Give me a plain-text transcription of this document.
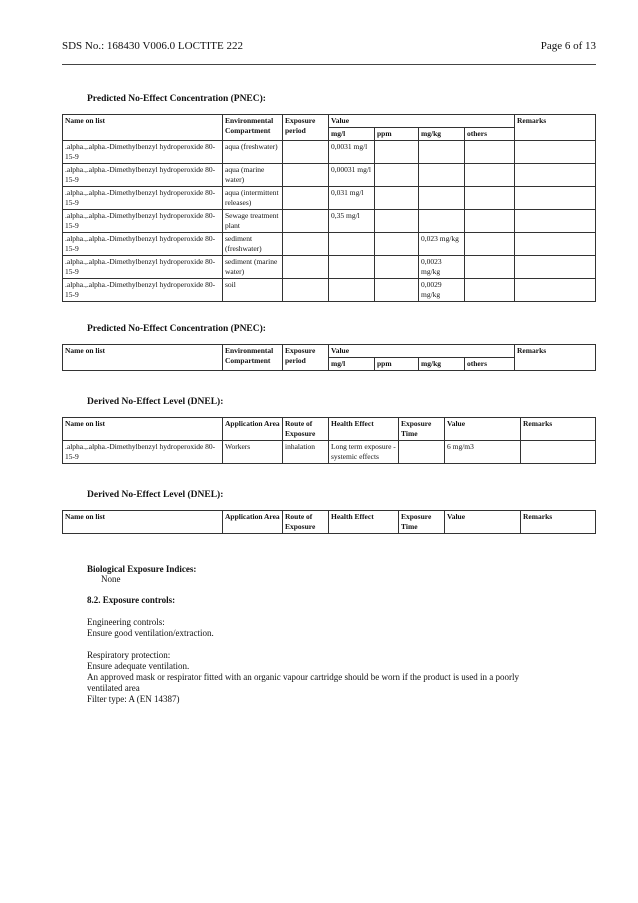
SDS No.: 168430 V006.0 LOCTITE 222	Page 6 of 13
Predicted No-Effect Concentration (PNEC):
Name on list	Environmental Compartment	Exposure period	Value				Remarks
			mg/l	ppm	mg/kg	others	
.alpha.,.alpha.-Dimethylbenzyl hydroperoxide 80-15-9	aqua (freshwater)		0,0031 mg/l				
.alpha.,.alpha.-Dimethylbenzyl hydroperoxide 80-15-9	aqua (marine water)		0,00031 mg/l				
.alpha.,.alpha.-Dimethylbenzyl hydroperoxide 80-15-9	aqua (intermittent releases)		0,031 mg/l				
.alpha.,.alpha.-Dimethylbenzyl hydroperoxide 80-15-9	Sewage treatment plant		0,35 mg/l				
.alpha.,.alpha.-Dimethylbenzyl hydroperoxide 80-15-9	sediment (freshwater)				0,023 mg/kg		
.alpha.,.alpha.-Dimethylbenzyl hydroperoxide 80-15-9	sediment (marine water)				0,0023 mg/kg		
.alpha.,.alpha.-Dimethylbenzyl hydroperoxide 80-15-9	soil				0,0029 mg/kg		
Predicted No-Effect Concentration (PNEC):
Name on list	Environmental Compartment	Exposure period	Value				Remarks
			mg/l	ppm	mg/kg	others	
Derived No-Effect Level (DNEL):
Name on list	Application Area	Route of Exposure	Health Effect	Exposure Time	Value	Remarks
.alpha.,.alpha.-Dimethylbenzyl hydroperoxide 80-15-9	Workers	inhalation	Long term exposure - systemic effects		6 mg/m3	
Derived No-Effect Level (DNEL):
Name on list	Application Area	Route of Exposure	Health Effect	Exposure Time	Value	Remarks
Biological Exposure Indices:
None
8.2. Exposure controls:
Engineering controls:
Ensure good ventilation/extraction.
Respiratory protection:
Ensure adequate ventilation.
An approved mask or respirator fitted with an organic vapour cartridge should be worn if the product is used in a poorly ventilated area
Filter type: A (EN 14387)
